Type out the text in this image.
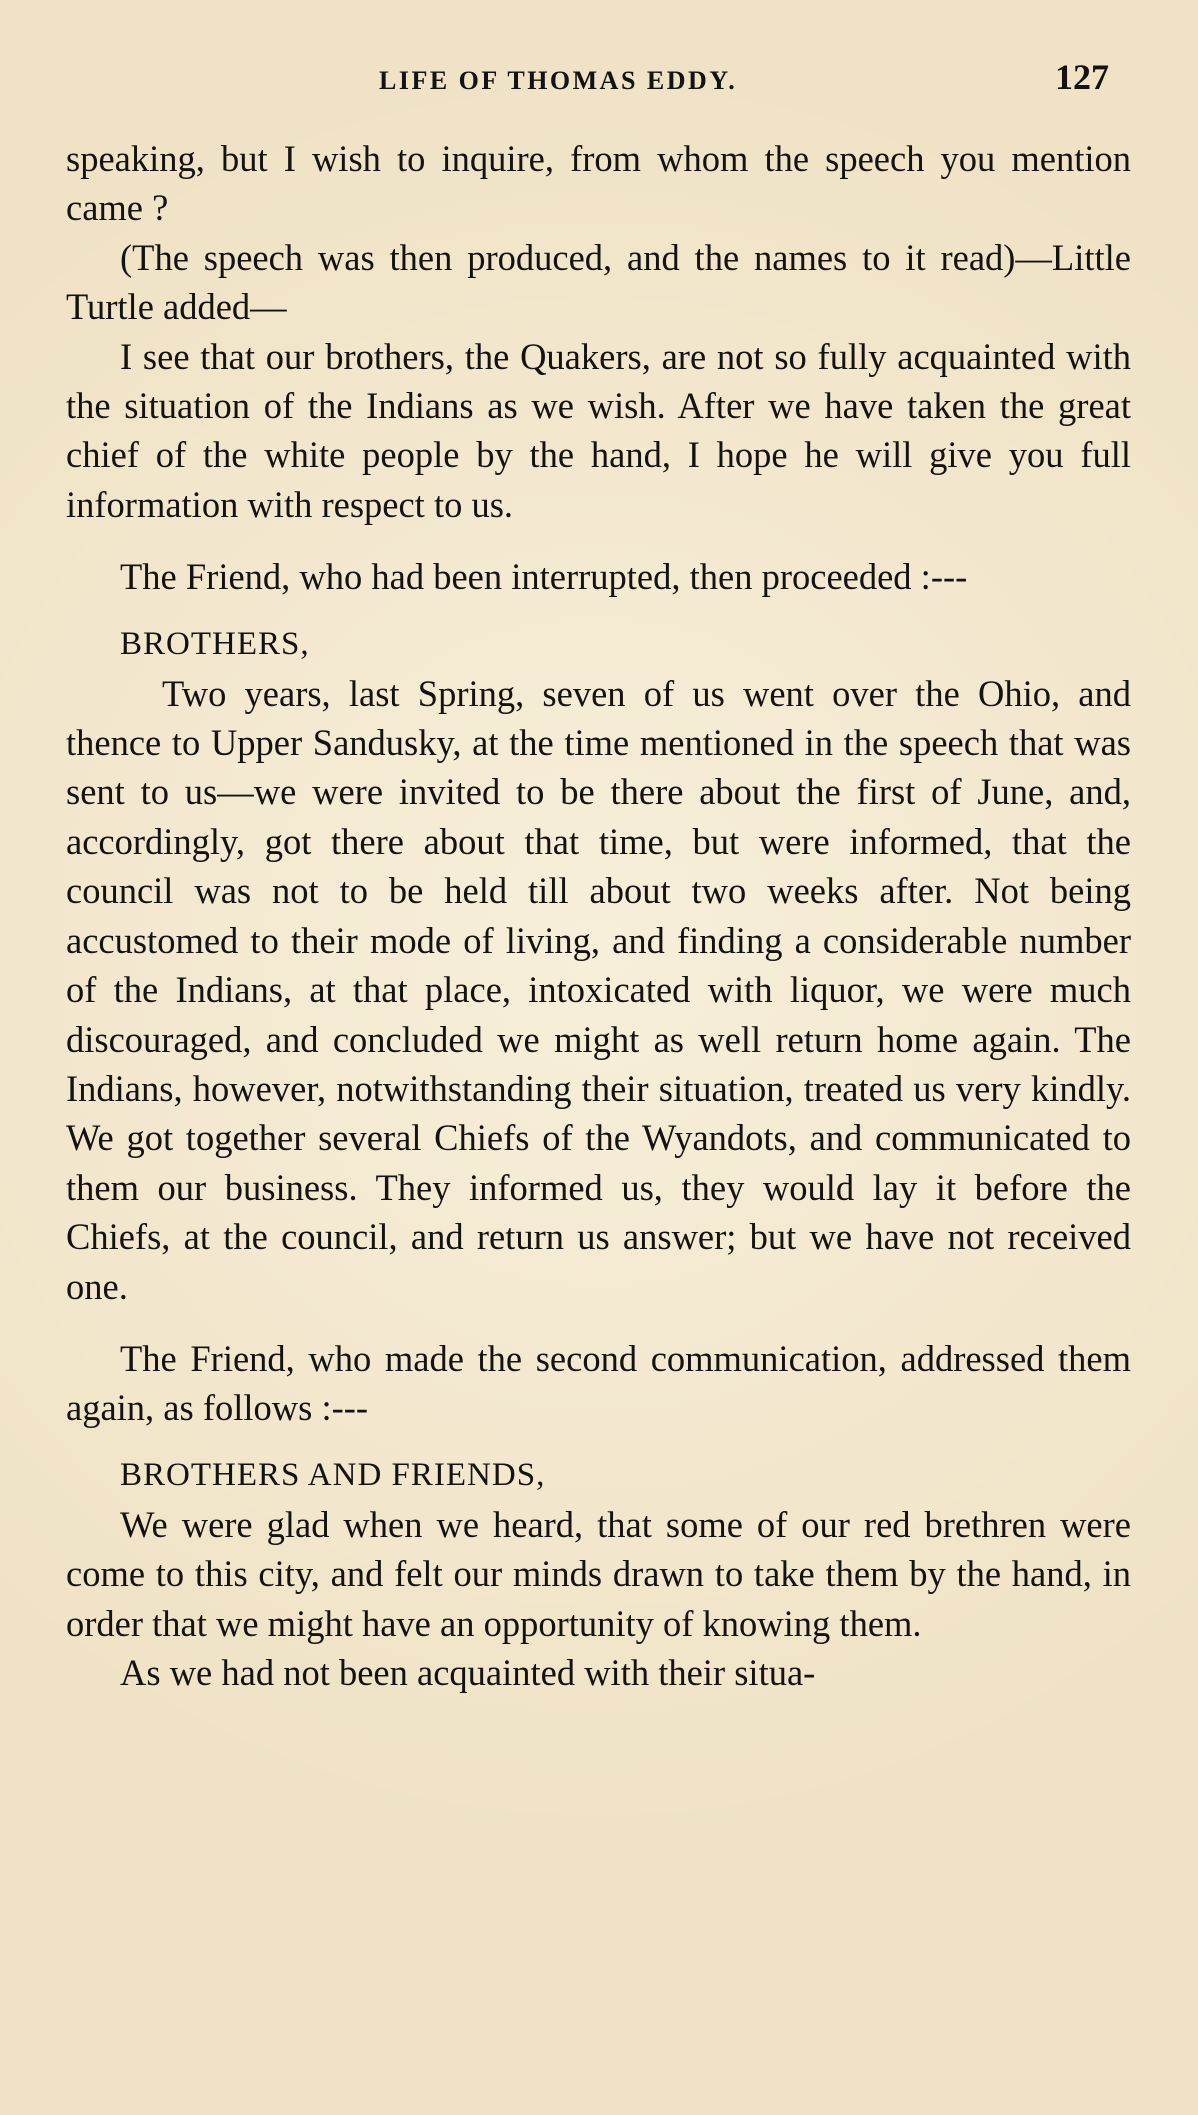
LIFE OF THOMAS EDDY.	127

speaking, but I wish to inquire, from whom the speech you mention came ?

(The speech was then produced, and the names to it read)—Little Turtle added—

I see that our brothers, the Quakers, are not so fully acquainted with the situation of the Indians as we wish. After we have taken the great chief of the white people by the hand, I hope he will give you full information with respect to us.

The Friend, who had been interrupted, then proceeded :---

BROTHERS,

Two years, last Spring, seven of us went over the Ohio, and thence to Upper Sandusky, at the time mentioned in the speech that was sent to us—we were invited to be there about the first of June, and, accordingly, got there about that time, but were informed, that the council was not to be held till about two weeks after. Not being accustomed to their mode of living, and finding a considerable number of the Indians, at that place, intoxicated with liquor, we were much discouraged, and concluded we might as well return home again. The Indians, however, notwithstanding their situation, treated us very kindly. We got together several Chiefs of the Wyandots, and communicated to them our business. They informed us, they would lay it before the Chiefs, at the council, and return us answer; but we have not received one.

The Friend, who made the second communication, addressed them again, as follows :---

BROTHERS AND FRIENDS,

We were glad when we heard, that some of our red brethren were come to this city, and felt our minds drawn to take them by the hand, in order that we might have an opportunity of knowing them.

As we had not been acquainted with their situa-
